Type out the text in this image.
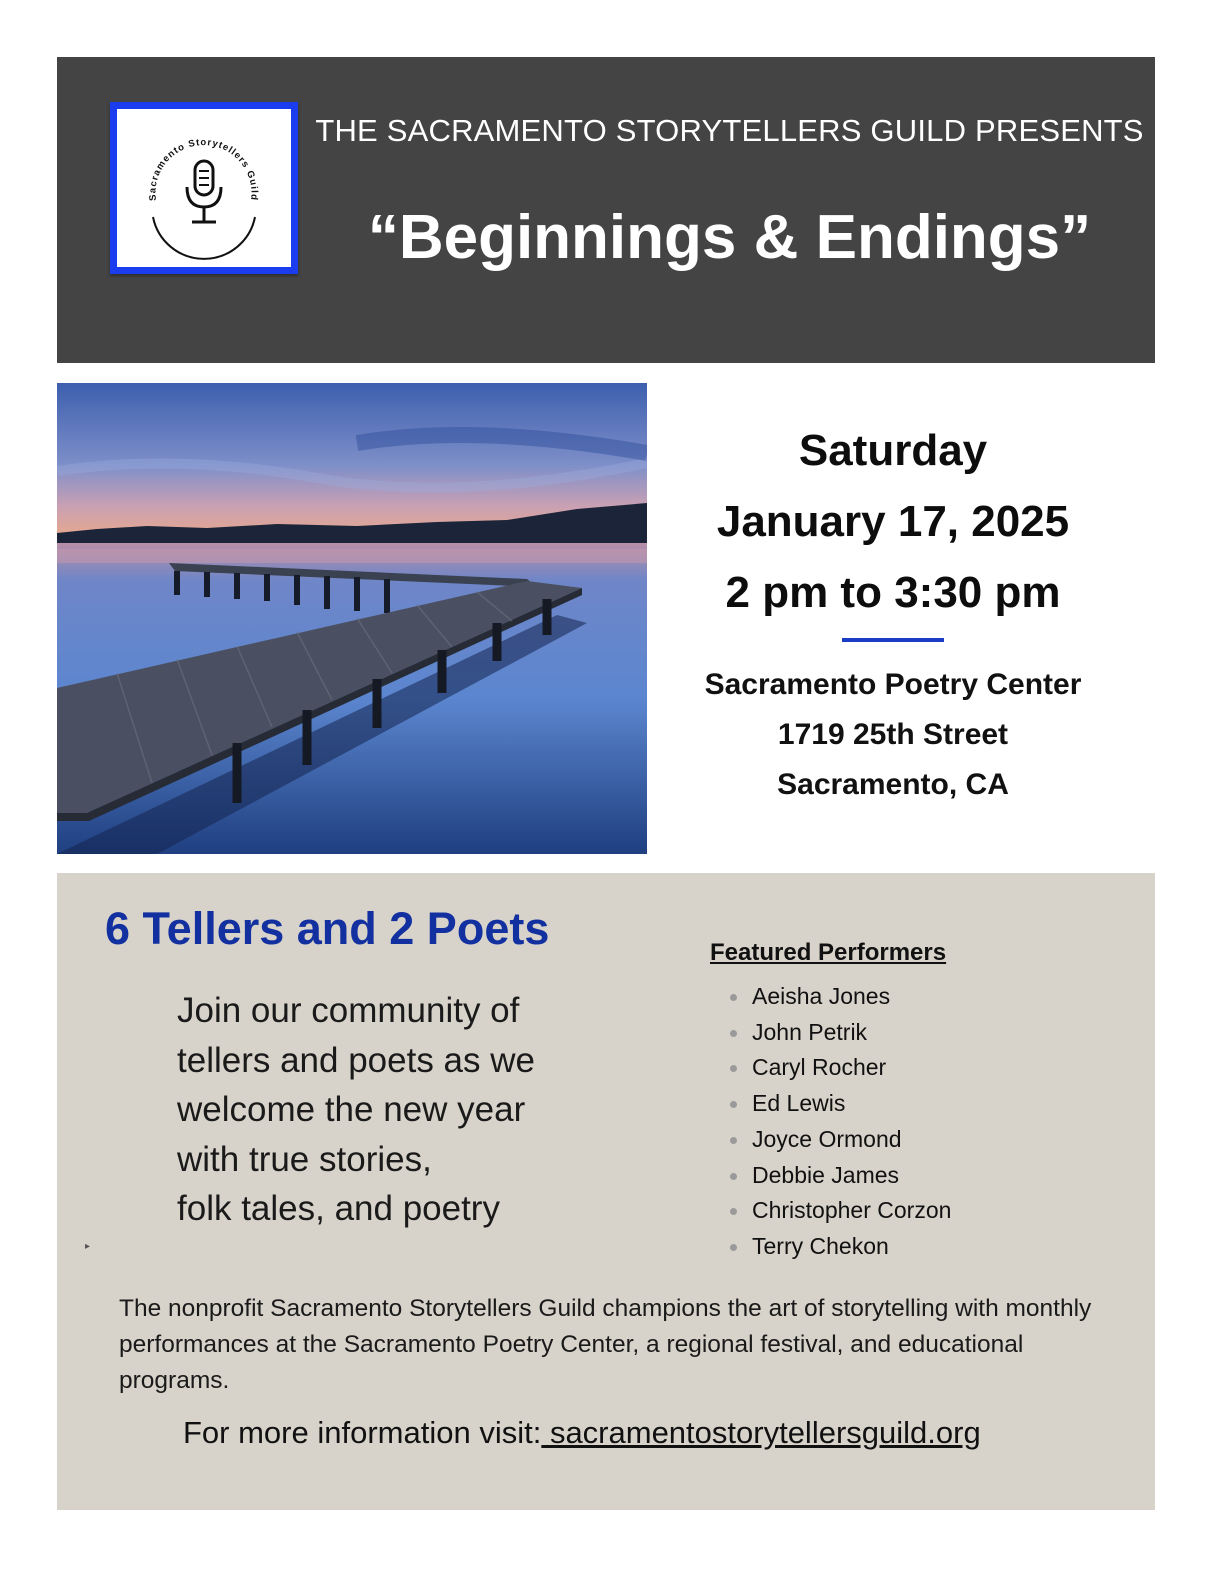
Sacramento Storytellers Guild
THE SACRAMENTO STORYTELLERS GUILD PRESENTS
“Beginnings & Endings”
Saturday
January 17, 2025
2 pm to 3:30 pm
Sacramento Poetry Center
1719 25th Street
Sacramento, CA
6 Tellers and 2 Poets
Join our community of
tellers and poets as we
welcome the new year
with true stories,
folk tales, and poetry
▸
Featured Performers
Aeisha Jones
John Petrik
Caryl Rocher
Ed Lewis
Joyce Ormond
Debbie James
Christopher Corzon
Terry Chekon
The nonprofit Sacramento Storytellers Guild champions the art of storytelling with monthly performances at the Sacramento Poetry Center, a regional festival, and educational programs.
For more information visit: sacramentostorytellersguild.org
